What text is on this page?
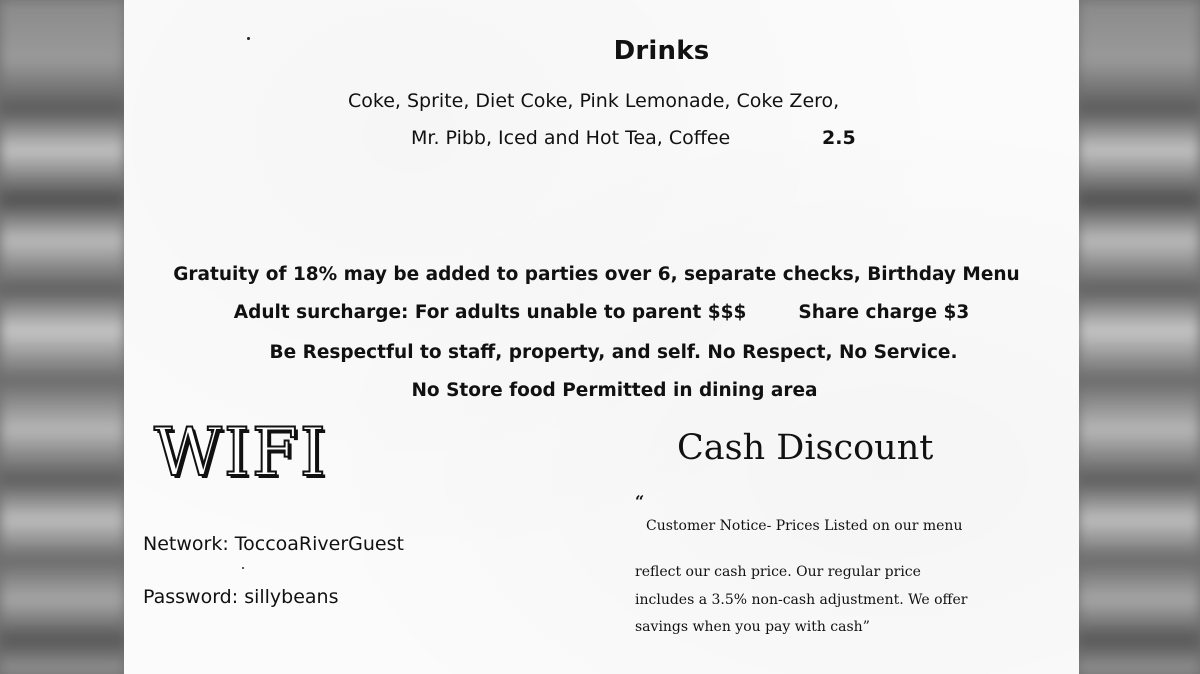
Drinks
Coke, Sprite, Diet Coke, Pink Lemonade, Coke Zero,
Mr. Pibb, Iced and Hot Tea, Coffee	2.5
Gratuity of 18% may be added to parties over 6, separate checks, Birthday Menu
Adult surcharge: For adults unable to parent $$$	Share charge $3
Be Respectful to staff, property, and self. No Respect, No Service.
No Store food Permitted in dining area
WIFI
Network: ToccoaRiverGuest
Password: sillybeans
Cash Discount
“
Customer Notice- Prices Listed on our menu
reflect our cash price. Our regular price
includes a 3.5% non-cash adjustment. We offer
savings when you pay with cash”
